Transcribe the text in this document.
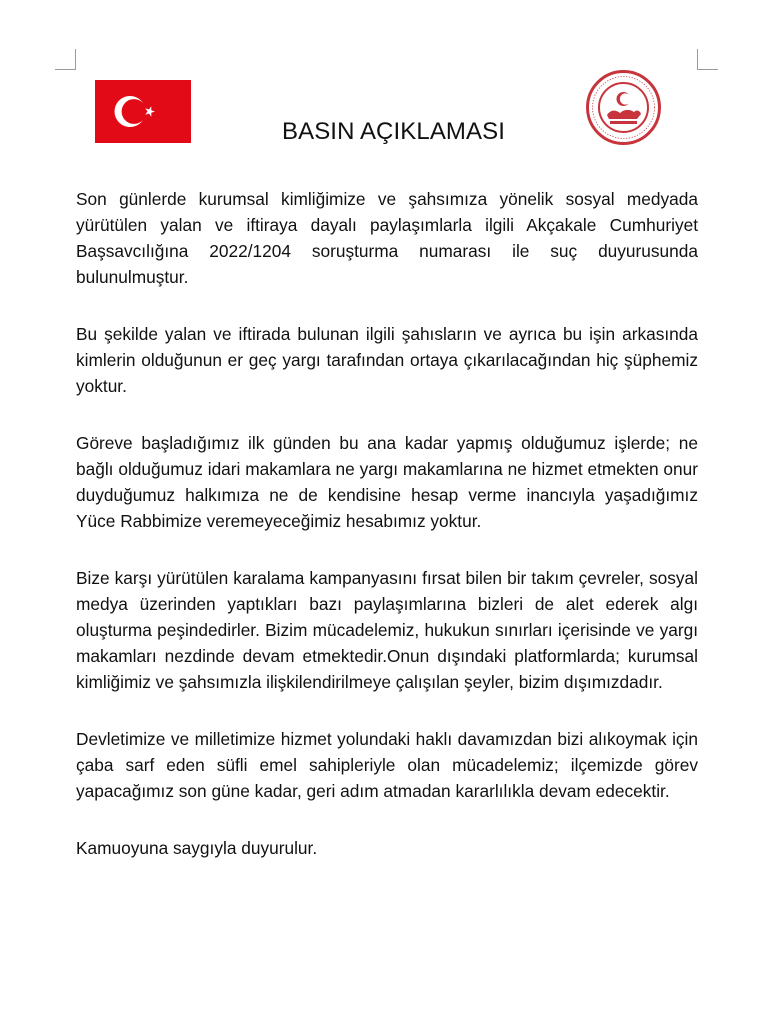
BASIN AÇIKLAMASI

Son günlerde kurumsal kimliğimize ve şahsımıza yönelik sosyal medyada yürütülen yalan ve iftiraya dayalı paylaşımlarla ilgili Akçakale Cumhuriyet Başsavcılığına 2022/1204 soruşturma numarası ile suç duyurusunda bulunulmuştur.

Bu şekilde yalan ve iftirada bulunan ilgili şahısların ve ayrıca bu işin arkasında kimlerin olduğunun er geç yargı tarafından ortaya çıkarılacağından hiç şüphemiz yoktur.

Göreve başladığımız ilk günden bu ana kadar yapmış olduğumuz işlerde; ne bağlı olduğumuz idari makamlara ne yargı makamlarına ne hizmet etmekten onur duyduğumuz halkımıza ne de kendisine hesap verme inancıyla yaşadığımız Yüce Rabbimize veremeyeceğimiz hesabımız yoktur.

Bize karşı yürütülen karalama kampanyasını fırsat bilen bir takım çevreler, sosyal medya üzerinden yaptıkları bazı paylaşımlarına bizleri de alet ederek algı oluşturma peşindedirler. Bizim mücadelemiz, hukukun sınırları içerisinde ve yargı makamları nezdinde devam etmektedir.Onun dışındaki platformlarda; kurumsal kimliğimiz ve şahsımızla ilişkilendirilmeye çalışılan şeyler, bizim dışımızdadır.

Devletimize ve milletimize hizmet yolundaki haklı davamızdan bizi alıkoymak için çaba sarf eden süfli emel sahipleriyle olan mücadelemiz; ilçemizde görev yapacağımız son güne kadar, geri adım atmadan kararlılıkla devam edecektir.

Kamuoyuna saygıyla duyurulur.
